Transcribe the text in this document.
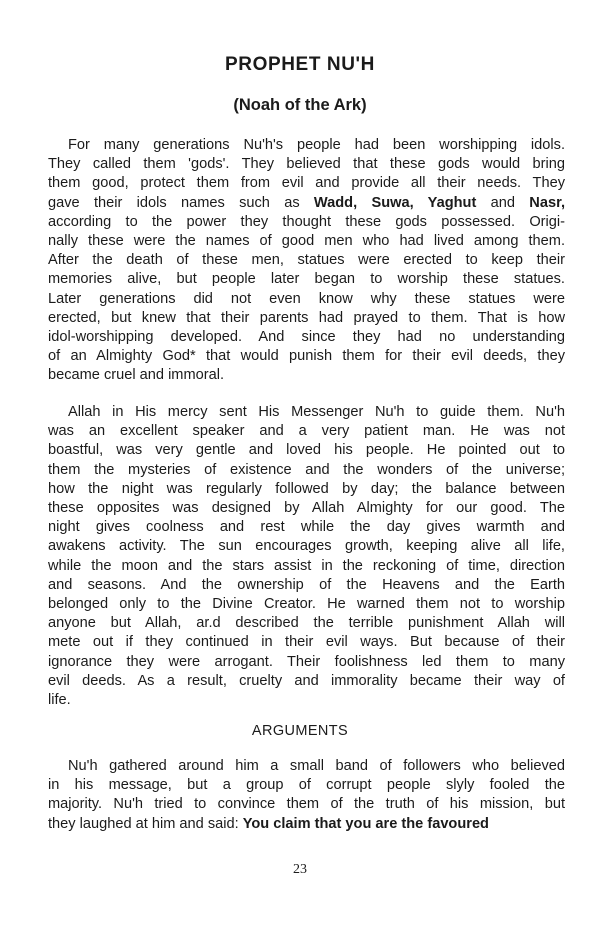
PROPHET NU'H
(Noah of the Ark)
For many generations Nu'h's people had been worshipping idols.
They called them 'gods'. They believed that these gods would bring
them good, protect them from evil and provide all their needs. They
gave their idols names such as Wadd, Suwa, Yaghut and Nasr,
according to the power they thought these gods possessed. Origi-
nally these were the names of good men who had lived among them.
After the death of these men, statues were erected to keep their
memories alive, but people later began to worship these statues.
Later generations did not even know why these statues were
erected, but knew that their parents had prayed to them. That is how
idol-worshipping developed. And since they had no understanding
of an Almighty God* that would punish them for their evil deeds, they
became cruel and immoral.
Allah in His mercy sent His Messenger Nu'h to guide them. Nu'h
was an excellent speaker and a very patient man. He was not
boastful, was very gentle and loved his people. He pointed out to
them the mysteries of existence and the wonders of the universe;
how the night was regularly followed by day; the balance between
these opposites was designed by Allah Almighty for our good. The
night gives coolness and rest while the day gives warmth and
awakens activity. The sun encourages growth, keeping alive all life,
while the moon and the stars assist in the reckoning of time, direction
and seasons. And the ownership of the Heavens and the Earth
belonged only to the Divine Creator. He warned them not to worship
anyone but Allah, ar.d described the terrible punishment Allah will
mete out if they continued in their evil ways. But because of their
ignorance they were arrogant. Their foolishness led them to many
evil deeds. As a result, cruelty and immorality became their way of
life.
ARGUMENTS
Nu'h gathered around him a small band of followers who believed
in his message, but a group of corrupt people slyly fooled the
majority. Nu'h tried to convince them of the truth of his mission, but
they laughed at him and said: You claim that you are the favoured
23
